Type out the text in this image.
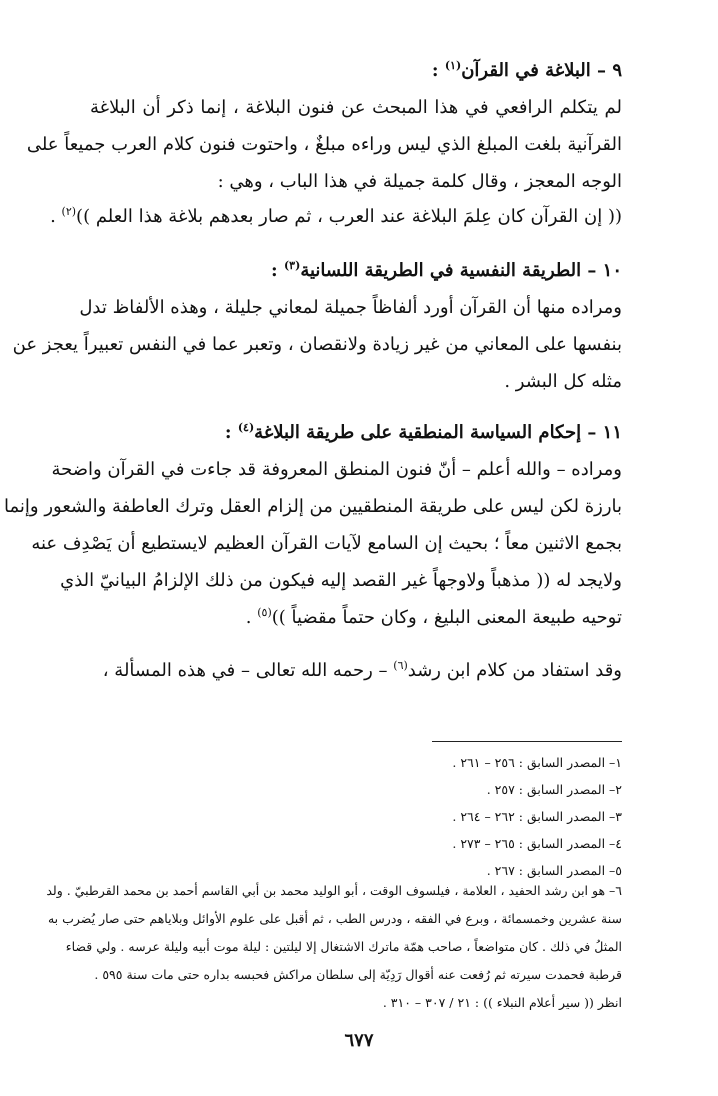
٩ – البلاغة في القرآن$^{(١)}$ :
لم يتكلم الرافعي في هذا المبحث عن فنون البلاغة ، إنما ذكر أن البلاغة
القرآنية بلغت المبلغ الذي ليس وراءه مبلغٌ ، واحتوت فنون كلام العرب جميعاً على
الوجه المعجز ، وقال كلمة جميلة في هذا الباب ، وهي :
(( إن القرآن كان عِلمَ البلاغة عند العرب ، ثم صار بعدهم بلاغة هذا العلم ))$^{(٢)}$ .
١٠ – الطريقة النفسية في الطريقة اللسانية$^{(٣)}$ :
ومراده منها أن القرآن أورد ألفاظاً جميلة لمعاني جليلة ، وهذه الألفاظ تدل
بنفسها على المعاني من غير زيادة ولانقصان ، وتعبر عما في النفس تعبيراً يعجز عن
مثله كل البشر .
١١ – إحكام السياسة المنطقية على طريقة البلاغة$^{(٤)}$ :
ومراده – والله أعلم – أنّ فنون المنطق المعروفة قد جاءت في القرآن واضحة
بارزة لكن ليس على طريقة المنطقيين من إلزام العقل وترك العاطفة والشعور وإنما
بجمع الاثنين معاً ؛ بحيث إن السامع لآيات القرآن العظيم لايستطيع أن يَصْدِف عنه
ولايجد له (( مذهباً ولاوجهاً غير القصد إليه فيكون من ذلك الإلزامُ البيانيّ الذي
توحيه طبيعة المعنى البليغ ، وكان حتماً مقضياً ))$^{(٥)}$ .
وقد استفاد من كلام ابن رشد$^{(٦)}$ – رحمه الله تعالى – في هذه المسألة ،
١– المصدر السابق : ٢٥٦ – ٢٦١ .
٢– المصدر السابق : ٢٥٧ .
٣– المصدر السابق : ٢٦٢ – ٢٦٤ .
٤– المصدر السابق : ٢٦٥ – ٢٧٣ .
٥– المصدر السابق : ٢٦٧ .
٦– هو ابن رشد الحفيد ، العلامة ، فيلسوف الوقت ، أبو الوليد محمد بن أبي القاسم أحمد بن محمد القرطبيّ . ولد
سنة عشرين وخمسمائة ، وبرع في الفقه ، ودرس الطب ، ثم أقبل على علوم الأوائل وبلاياهم حتى صار يُضرب به
المثلُ في ذلك . كان متواضعاً ، صاحب همّة ماترك الاشتغال إلا ليلتين : ليلة موت أبيه وليلة عرسه . ولي قضاء
قرطبة فحمدت سيرته ثم رُفعت عنه أقوال رَدِيّة إلى سلطان مراكش فحبسه بداره حتى مات سنة ٥٩٥ .
انظر (( سير أعلام النبلاء )) : ٢١ / ٣٠٧ – ٣١٠ .
٦٧٧
